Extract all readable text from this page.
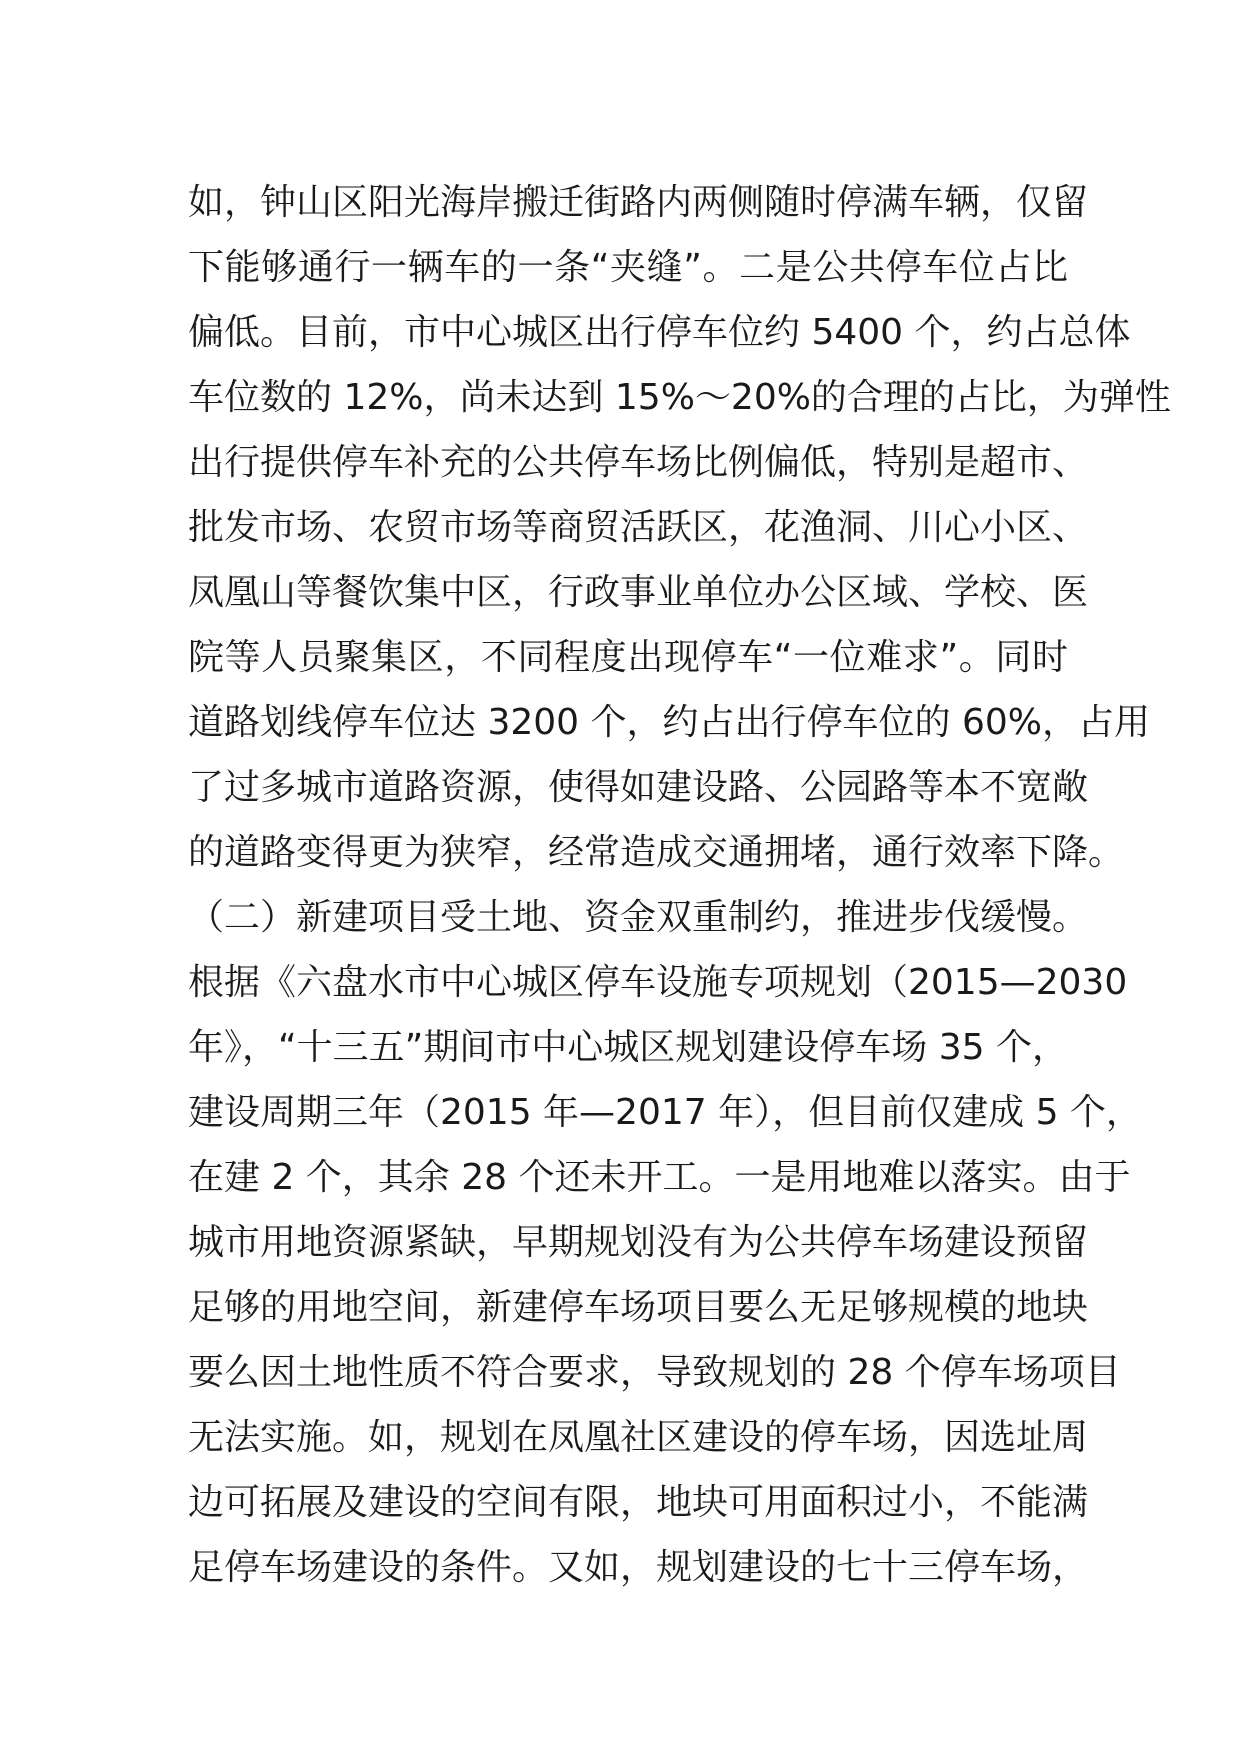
如，钟山区阳光海岸搬迁街路内两侧随时停满车辆，仅留
下能够通行一辆车的一条“夹缝”。二是公共停车位占比
偏低。目前，市中心城区出行停车位约 5400 个，约占总体
车位数的 12%，尚未达到 15%～20%的合理的占比，为弹性
出行提供停车补充的公共停车场比例偏低，特别是超市、
批发市场、农贸市场等商贸活跃区，花渔洞、川心小区、
凤凰山等餐饮集中区，行政事业单位办公区域、学校、医
院等人员聚集区，不同程度出现停车“一位难求”。同时
道路划线停车位达 3200 个，约占出行停车位的 60%，占用
了过多城市道路资源，使得如建设路、公园路等本不宽敞
的道路变得更为狭窄，经常造成交通拥堵，通行效率下降。
（二）新建项目受土地、资金双重制约，推进步伐缓慢。
根据《六盘水市中心城区停车设施专项规划（2015—2030
年》，“十三五”期间市中心城区规划建设停车场 35 个，
建设周期三年（2015 年—2017 年），但目前仅建成 5 个，
在建 2 个，其余 28 个还未开工。一是用地难以落实。由于
城市用地资源紧缺，早期规划没有为公共停车场建设预留
足够的用地空间，新建停车场项目要么无足够规模的地块
要么因土地性质不符合要求，导致规划的 28 个停车场项目
无法实施。如，规划在凤凰社区建设的停车场，因选址周
边可拓展及建设的空间有限，地块可用面积过小，不能满
足停车场建设的条件。又如，规划建设的七十三停车场，
